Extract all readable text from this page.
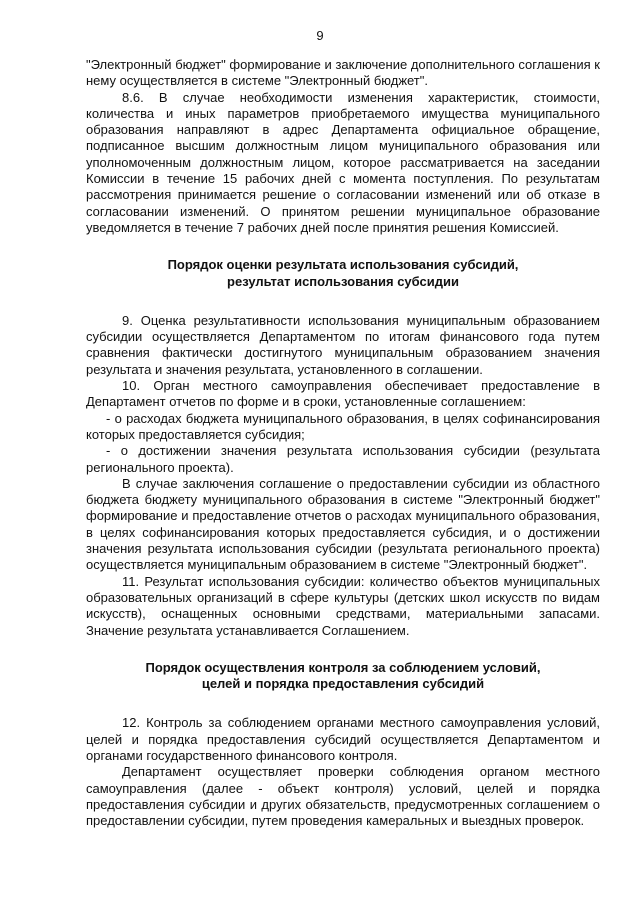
9

"Электронный бюджет" формирование и заключение дополнительного соглашения к нему осуществляется в системе "Электронный бюджет".

8.6. В случае необходимости изменения характеристик, стоимости, количества и иных параметров приобретаемого имущества муниципального образования направляют в адрес Департамента официальное обращение, подписанное высшим должностным лицом муниципального образования или уполномоченным должностным лицом, которое рассматривается на заседании Комиссии в течение 15 рабочих дней с момента поступления. По результатам рассмотрения принимается решение о согласовании изменений или об отказе в согласовании изменений. О принятом решении муниципальное образование уведомляется в течение 7 рабочих дней после принятия решения Комиссией.

Порядок оценки результата использования субсидий,
результат использования субсидии

9. Оценка результативности использования муниципальным образованием субсидии осуществляется Департаментом по итогам финансового года путем сравнения фактически достигнутого муниципальным образованием значения результата и значения результата, установленного в соглашении.

10. Орган местного самоуправления обеспечивает предоставление в Департамент отчетов по форме и в сроки, установленные соглашением:

- о расходах бюджета муниципального образования, в целях софинансирования которых предоставляется субсидия;

- о достижении значения результата использования субсидии (результата регионального проекта).

В случае заключения соглашение о предоставлении субсидии из областного бюджета бюджету муниципального образования в системе "Электронный бюджет" формирование и предоставление отчетов о расходах муниципального образования, в целях софинансирования которых предоставляется субсидия, и о достижении значения результата использования субсидии (результата регионального проекта) осуществляется муниципальным образованием в системе "Электронный бюджет".

11. Результат использования субсидии: количество объектов муниципальных образовательных организаций в сфере культуры (детских школ искусств по видам искусств), оснащенных основными средствами, материальными запасами. Значение результата устанавливается Соглашением.

Порядок осуществления контроля за соблюдением условий,
целей и порядка предоставления субсидий

12. Контроль за соблюдением органами местного самоуправления условий, целей и порядка предоставления субсидий осуществляется Департаментом и органами государственного финансового контроля.

Департамент осуществляет проверки соблюдения органом местного самоуправления (далее - объект контроля) условий, целей и порядка предоставления субсидии и других обязательств, предусмотренных соглашением о предоставлении субсидии, путем проведения камеральных и выездных проверок.
